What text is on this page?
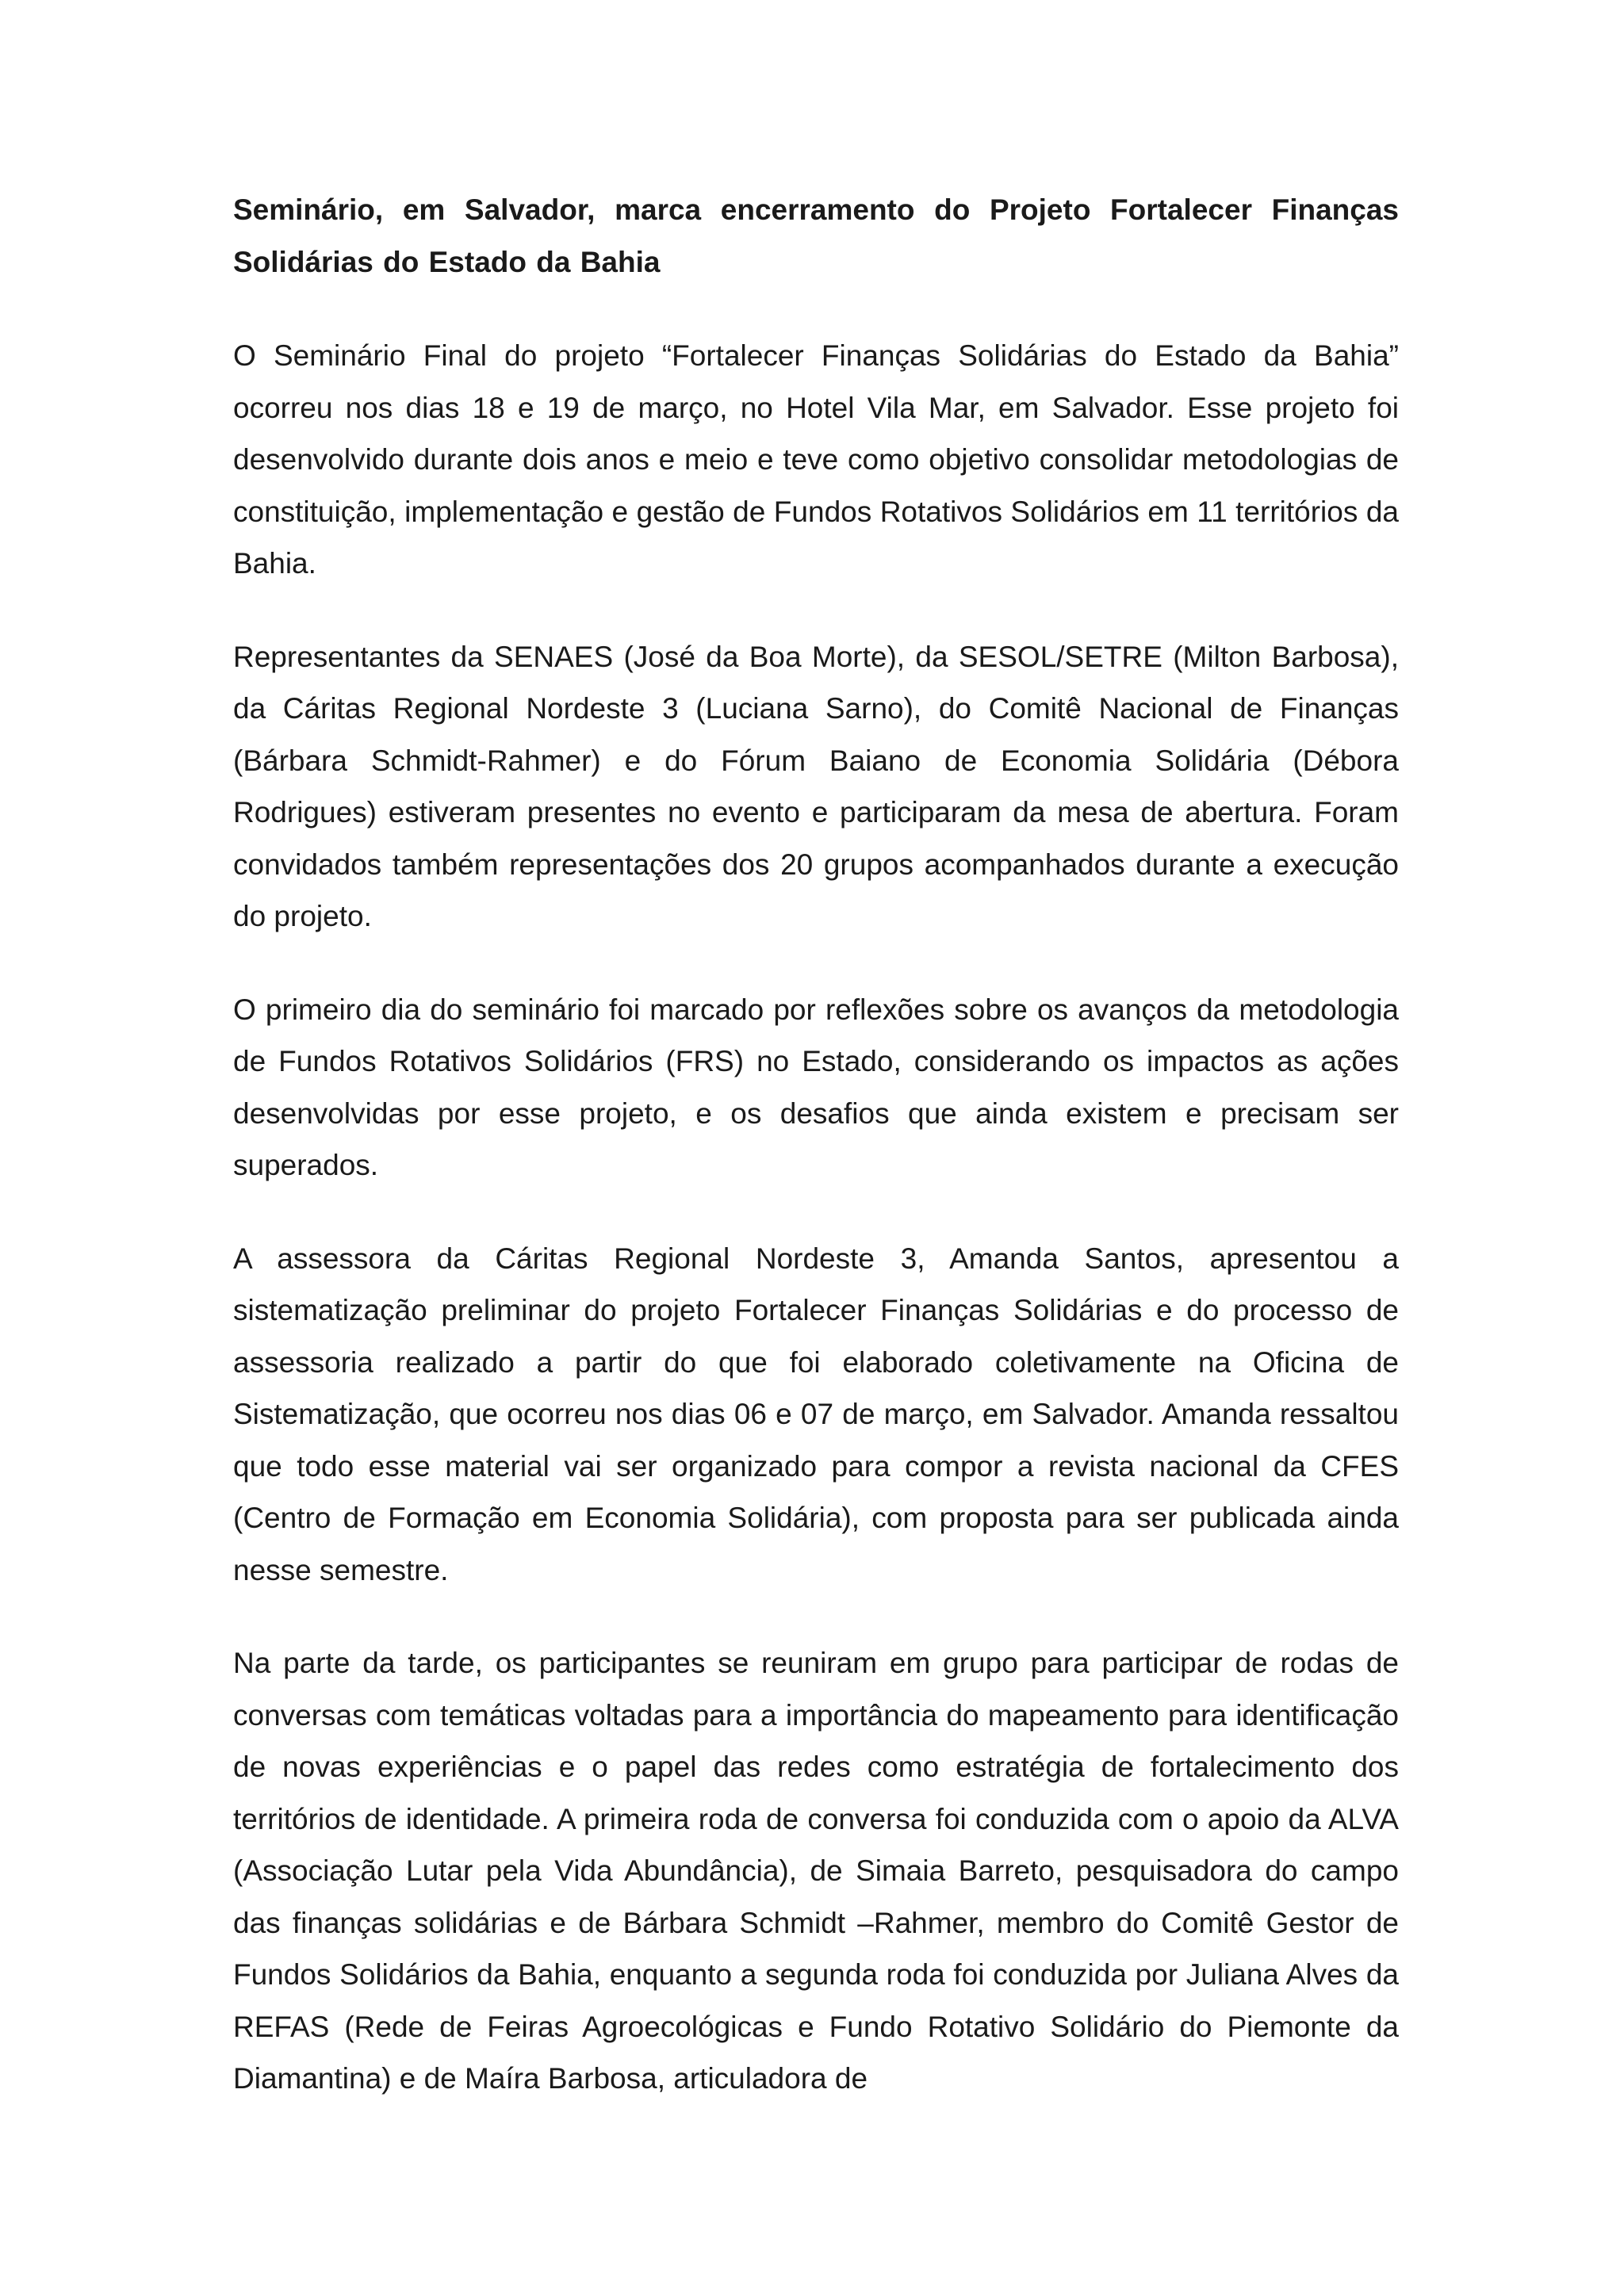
Seminário, em Salvador, marca encerramento do Projeto Fortalecer Finanças Solidárias do Estado da Bahia

O Seminário Final do projeto “Fortalecer Finanças Solidárias do Estado da Bahia” ocorreu nos dias 18 e 19 de março, no Hotel Vila Mar, em Salvador. Esse projeto foi desenvolvido durante dois anos e meio e teve como objetivo consolidar metodologias de constituição, implementação e gestão de Fundos Rotativos Solidários em 11 territórios da Bahia.

Representantes da SENAES (José da Boa Morte), da SESOL/SETRE (Milton Barbosa), da Cáritas Regional Nordeste 3 (Luciana Sarno), do Comitê Nacional de Finanças (Bárbara Schmidt-Rahmer) e do Fórum Baiano de Economia Solidária (Débora Rodrigues) estiveram presentes no evento e participaram da mesa de abertura. Foram convidados também representações dos 20 grupos acompanhados durante a execução do projeto.

O primeiro dia do seminário foi marcado por reflexões sobre os avanços da metodologia de Fundos Rotativos Solidários (FRS) no Estado, considerando os impactos as ações desenvolvidas por esse projeto, e os desafios que ainda existem e precisam ser superados.

A assessora da Cáritas Regional Nordeste 3, Amanda Santos, apresentou a sistematização preliminar do projeto Fortalecer Finanças Solidárias e do processo de assessoria realizado a partir do que foi elaborado coletivamente na Oficina de Sistematização, que ocorreu nos dias 06 e 07 de março, em Salvador. Amanda ressaltou que todo esse material vai ser organizado para compor a revista nacional da CFES (Centro de Formação em Economia Solidária), com proposta para ser publicada ainda nesse semestre.

Na parte da tarde, os participantes se reuniram em grupo para participar de rodas de conversas com temáticas voltadas para a importância do mapeamento para identificação de novas experiências e o papel das redes como estratégia de fortalecimento dos territórios de identidade. A primeira roda de conversa foi conduzida com o apoio da ALVA (Associação Lutar pela Vida Abundância), de Simaia Barreto, pesquisadora do campo das finanças solidárias e de Bárbara Schmidt –Rahmer, membro do Comitê Gestor de Fundos Solidários da Bahia, enquanto a segunda roda foi conduzida por Juliana Alves da REFAS (Rede de Feiras Agroecológicas e Fundo Rotativo Solidário do Piemonte da Diamantina) e de Maíra Barbosa, articuladora de
